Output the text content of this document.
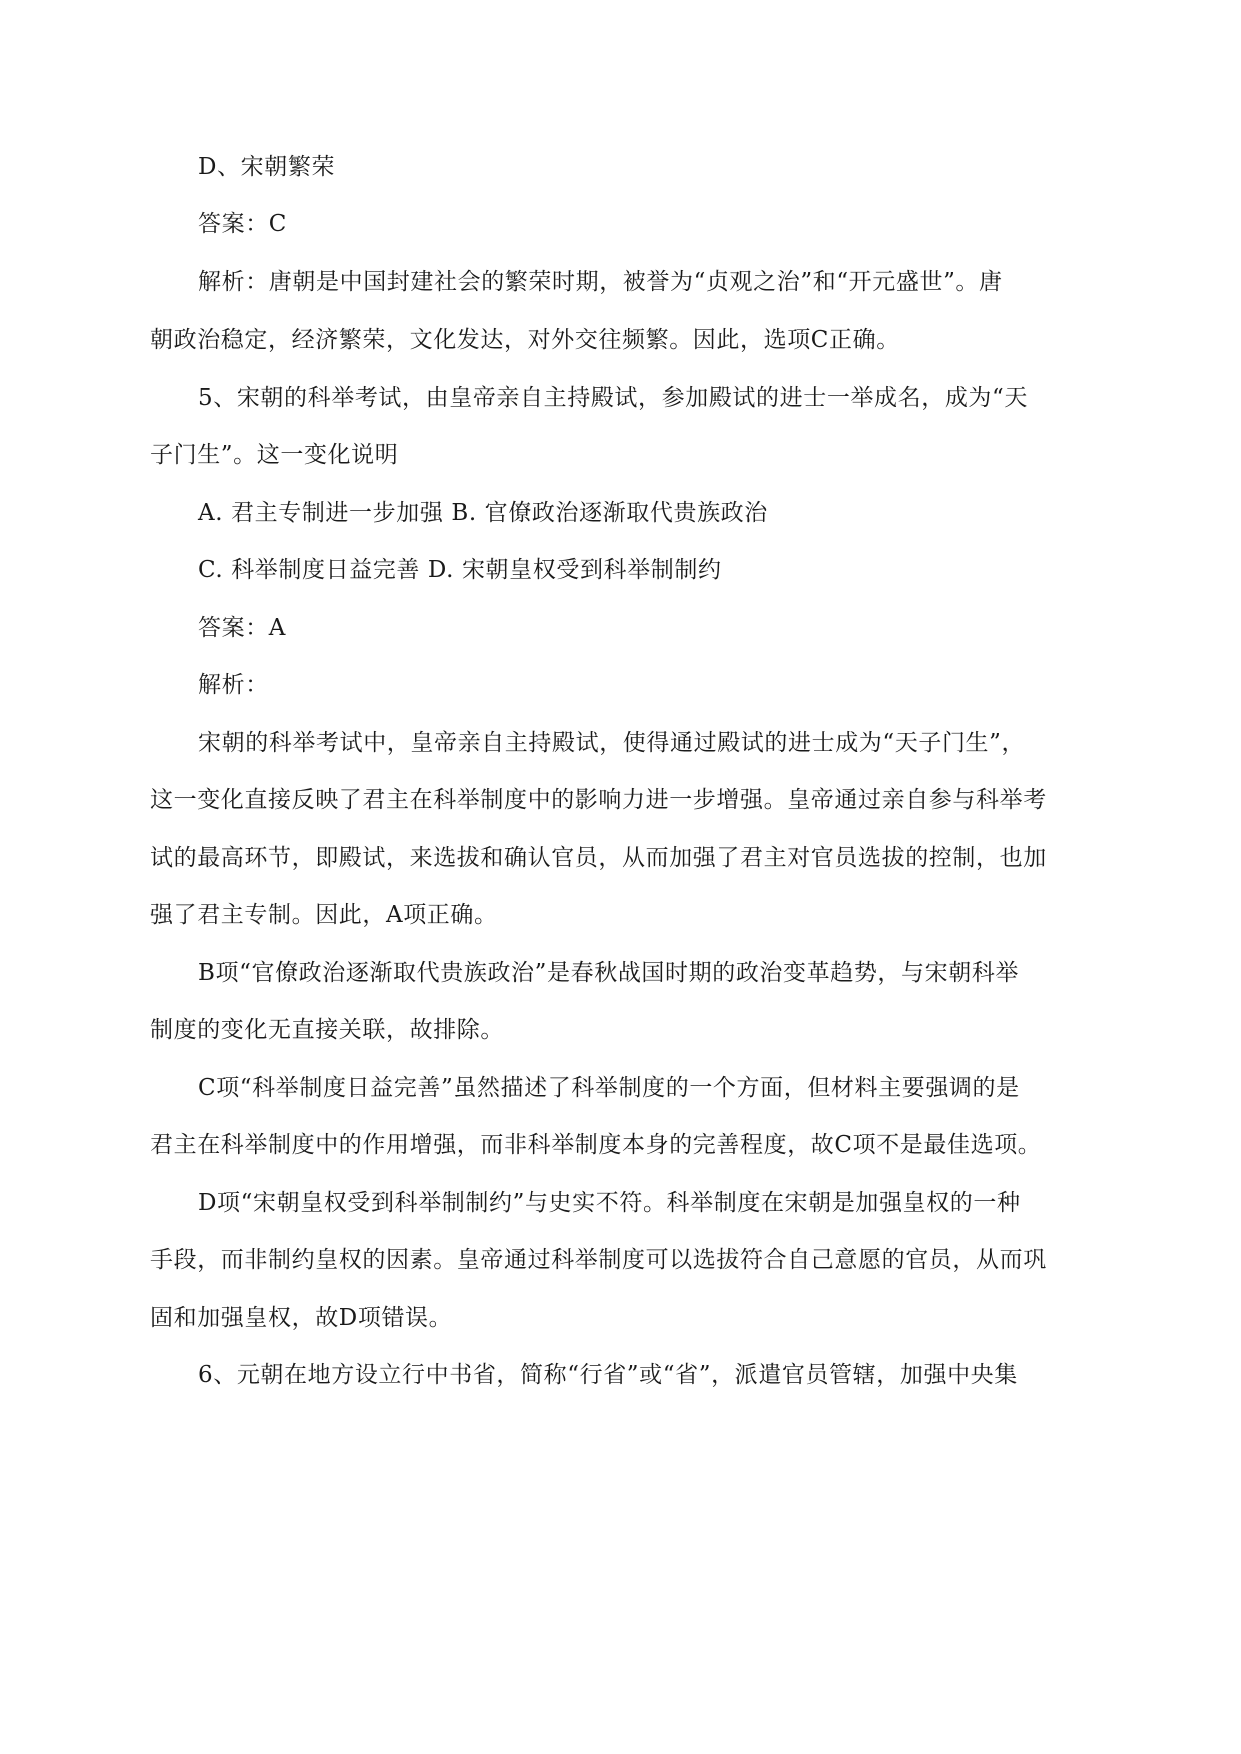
D、宋朝繁荣
答案：C
解析：唐朝是中国封建社会的繁荣时期，被誉为“贞观之治”和“开元盛世”。唐
朝政治稳定，经济繁荣，文化发达，对外交往频繁。因此，选项C正确。
5、宋朝的科举考试，由皇帝亲自主持殿试，参加殿试的进士一举成名，成为“天
子门生”。这一变化说明
A. 君主专制进一步加强 B. 官僚政治逐渐取代贵族政治
C. 科举制度日益完善 D. 宋朝皇权受到科举制制约
答案：A
解析：
宋朝的科举考试中，皇帝亲自主持殿试，使得通过殿试的进士成为“天子门生”，
这一变化直接反映了君主在科举制度中的影响力进一步增强。皇帝通过亲自参与科举考
试的最高环节，即殿试，来选拔和确认官员，从而加强了君主对官员选拔的控制，也加
强了君主专制。因此，A项正确。
B项“官僚政治逐渐取代贵族政治”是春秋战国时期的政治变革趋势，与宋朝科举
制度的变化无直接关联，故排除。
C项“科举制度日益完善”虽然描述了科举制度的一个方面，但材料主要强调的是
君主在科举制度中的作用增强，而非科举制度本身的完善程度，故C项不是最佳选项。
D项“宋朝皇权受到科举制制约”与史实不符。科举制度在宋朝是加强皇权的一种
手段，而非制约皇权的因素。皇帝通过科举制度可以选拔符合自己意愿的官员，从而巩
固和加强皇权，故D项错误。
6、元朝在地方设立行中书省，简称“行省”或“省”，派遣官员管辖，加强中央集
